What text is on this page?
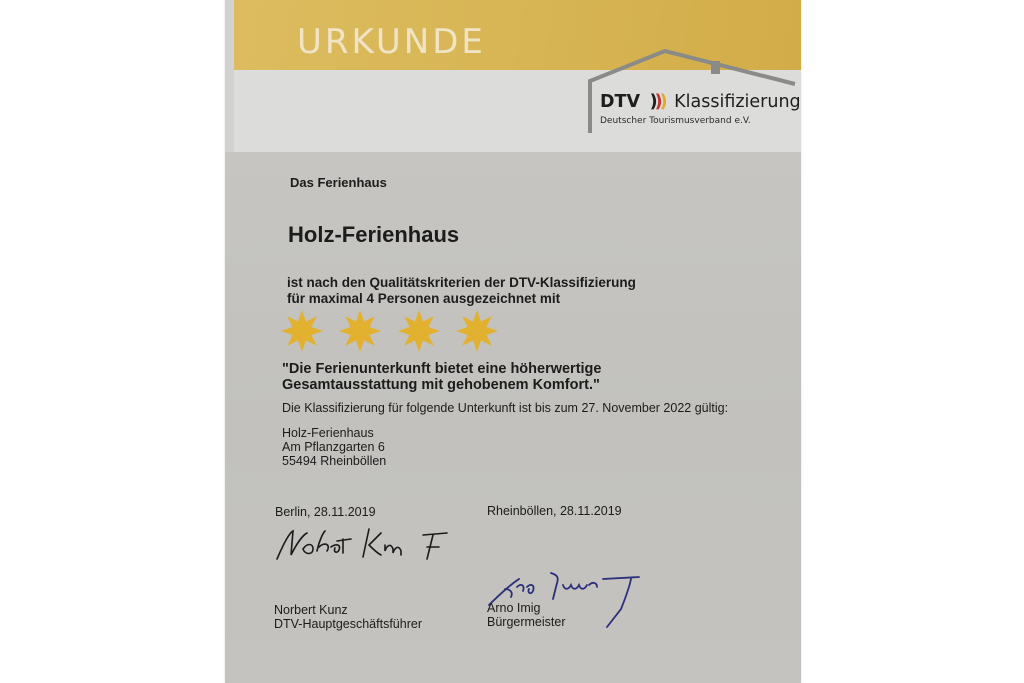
URKUNDE
DTV ))) Klassifizierung
Deutscher Tourismusverband e.V.
Das Ferienhaus
Holz-Ferienhaus
ist nach den Qualitätskriterien der DTV-Klassifizierung
für maximal 4 Personen ausgezeichnet mit
"Die Ferienunterkunft bietet eine höherwertige
Gesamtausstattung mit gehobenem Komfort."
Die Klassifizierung für folgende Unterkunft ist bis zum 27. November 2022 gültig:
Holz-Ferienhaus
Am Pflanzgarten 6
55494 Rheinböllen
Berlin, 28.11.2019	Rheinböllen, 28.11.2019
Norbert Kunz
DTV-Hauptgeschäftsführer
Arno Imig
Bürgermeister
